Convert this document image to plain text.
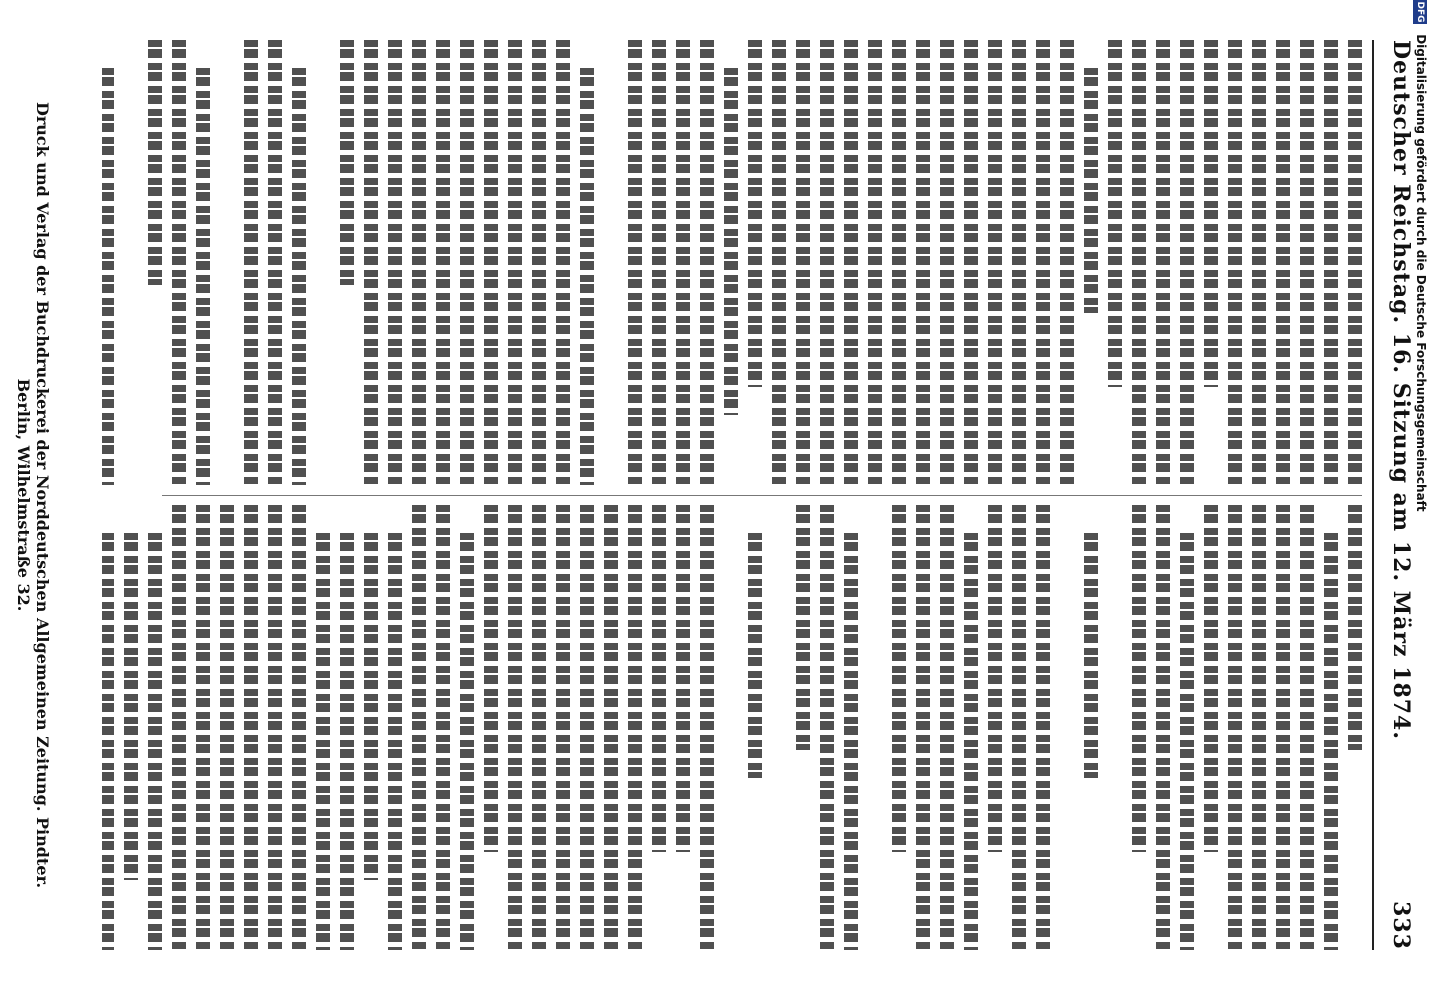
Deutscher Reichstag. 16. Sitzung am 12. März 1874.
333
Druck und Verlag der Buchdruckerei der Norddeutschen Allgemeinen Zeitung. Pindter.
Berlin, Wilhelmstraße 32.
DFG Digitalisierung gefördert durch die Deutsche Forschungsgemeinschaft
